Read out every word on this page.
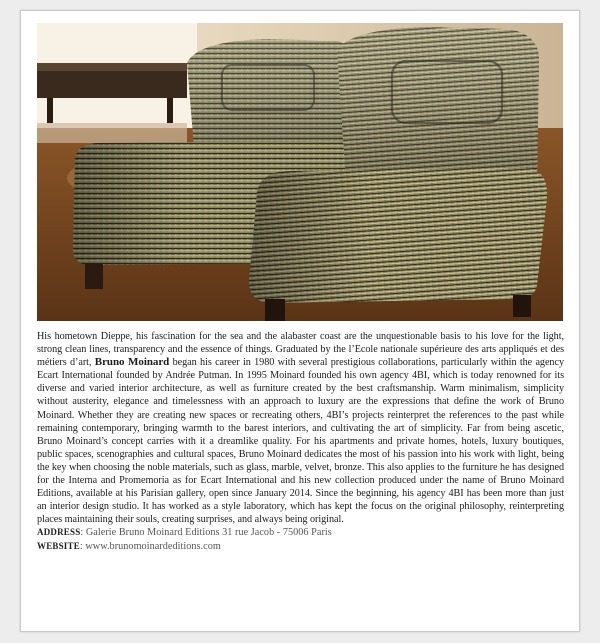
His hometown Dieppe, his fascination for the sea and the alabaster coast are the unquestionable basis to his love for the light, strong clean lines, transparency and the essence of things. Graduated by the l’Ecole nationale supérieure des arts appliqués et des métiers d’art, Bruno Moinard began his career in 1980 with several prestigious collaborations, particularly within the agency Ecart International founded by Andrée Putman. In 1995 Moinard founded his own agency 4BI, which is today renowned for its diverse and varied interior architecture, as well as furniture created by the best craftsmanship. Warm minimalism, simplicity without austerity, elegance and timelessness with an approach to luxury are the expressions that define the work of Bruno Moinard. Whether they are creating new spaces or recreating others, 4BI’s projects reinterpret the references to the past while remaining contemporary, bringing warmth to the barest interiors, and cultivating the art of simplicity. Far from being ascetic, Bruno Moinard’s concept carries with it a dreamlike quality. For his apartments and private homes, hotels, luxury boutiques, public spaces, scenographies and cultural spaces, Bruno Moinard dedicates the most of his passion into his work with light, being the key when choosing the noble materials, such as glass, marble, velvet, bronze. This also applies to the furniture he has designed for the Interna and Promemoria as for Ecart International and his new collection produced under the name of Bruno Moinard Editions, available at his Parisian gallery, open since January 2014. Since the beginning, his agency 4BI has been more than just an interior design studio. It has worked as a style laboratory, which has kept the focus on the original philosophy, reinterpreting places maintaining their souls, creating surprises, and always being original.

ADDRESS: Galerie Bruno Moinard Editions 31 rue Jacob - 75006 Paris

WEBSITE: www.brunomoinardeditions.com
